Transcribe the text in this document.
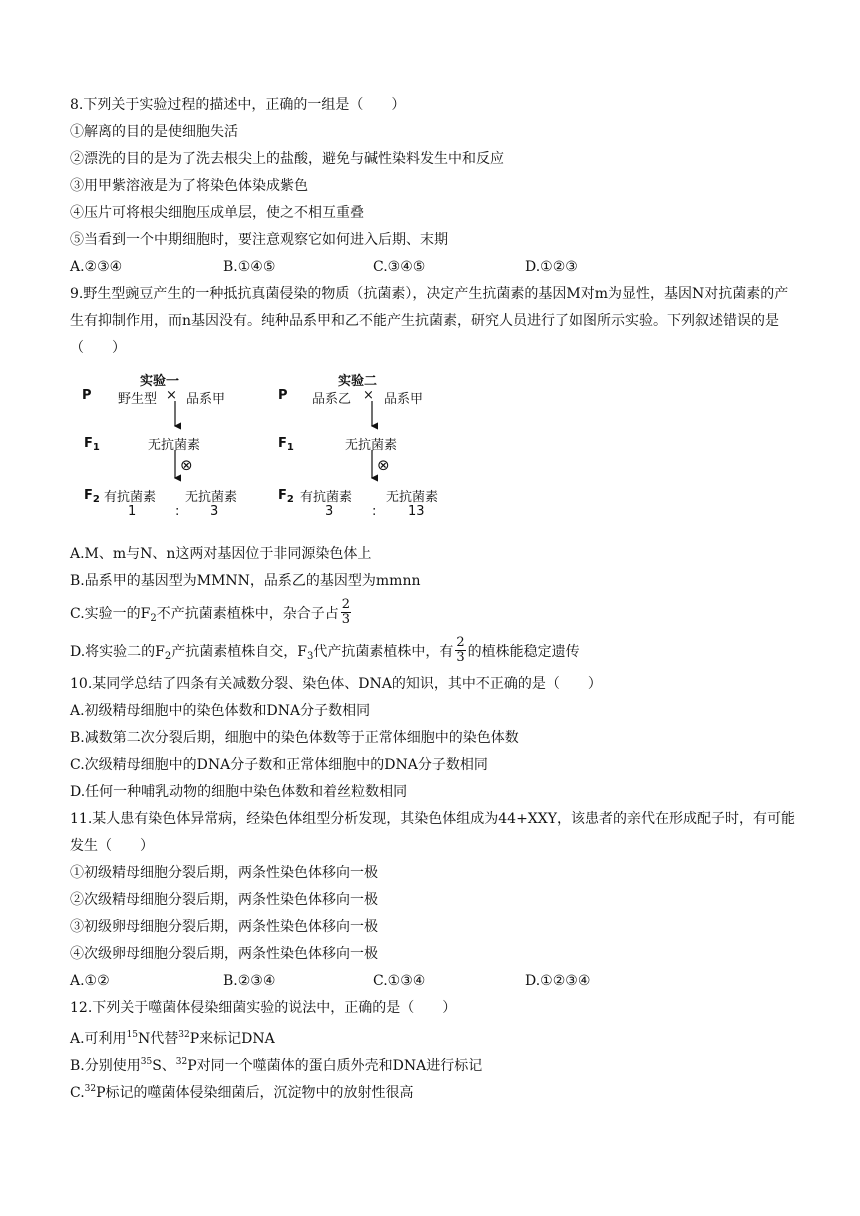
8.下列关于实验过程的描述中，正确的一组是（　　）
①解离的目的是使细胞失活
②漂洗的目的是为了洗去根尖上的盐酸，避免与碱性染料发生中和反应
③用甲紫溶液是为了将染色体染成紫色
④压片可将根尖细胞压成单层，使之不相互重叠
⑤当看到一个中期细胞时，要注意观察它如何进入后期、末期
A.②③④	B.①④⑤	C.③④⑤	D.①②③
9.野生型豌豆产生的一种抵抗真菌侵染的物质（抗菌素），决定产生抗菌素的基因M对m为显性，基因N对抗菌素的产生有抑制作用，而n基因没有。纯种品系甲和乙不能产生抗菌素，研究人员进行了如图所示实验。下列叙述错误的是（　　）
实验一
P 野生型 × 品系甲
$F_1$	无抗菌素
⊗
$F_2$ 有抗菌素 无抗菌素
1	: 3
实验二
P 品系乙 × 品系甲
$F_1$	无抗菌素
⊗
$F_2$ 有抗菌素	无抗菌素
3	: 13
A.M、m与N、n这两对基因位于非同源染色体上
B.品系甲的基因型为MMNN，品系乙的基因型为mmnn
C.实验一的$F_2$不产抗菌素植株中，杂合子占 $\frac{2}{3}$
D.将实验二的$F_2$产抗菌素植株自交，$F_3$代产抗菌素植株中，有 $\frac{2}{3}$ 的植株能稳定遗传
10.某同学总结了四条有关减数分裂、染色体、DNA的知识，其中不正确的是（　　）
A.初级精母细胞中的染色体数和DNA分子数相同
B.减数第二次分裂后期，细胞中的染色体数等于正常体细胞中的染色体数
C.次级精母细胞中的DNA分子数和正常体细胞中的DNA分子数相同
D.任何一种哺乳动物的细胞中染色体数和着丝粒数相同
11.某人患有染色体异常病，经染色体组型分析发现，其染色体组成为44+XXY，该患者的亲代在形成配子时，有可能发生（　　）
①初级精母细胞分裂后期，两条性染色体移向一极
②次级精母细胞分裂后期，两条性染色体移向一极
③初级卵母细胞分裂后期，两条性染色体移向一极
④次级卵母细胞分裂后期，两条性染色体移向一极
A.①②	B.②③④	C.①③④	D.①②③④
12.下列关于噬菌体侵染细菌实验的说法中，正确的是（　　）
A.可利用$^{15}$N代替$^{32}$P来标记DNA
B.分别使用$^{35}$S、$^{32}$P对同一个噬菌体的蛋白质外壳和DNA进行标记
C.$^{32}$P标记的噬菌体侵染细菌后，沉淀物中的放射性很高
